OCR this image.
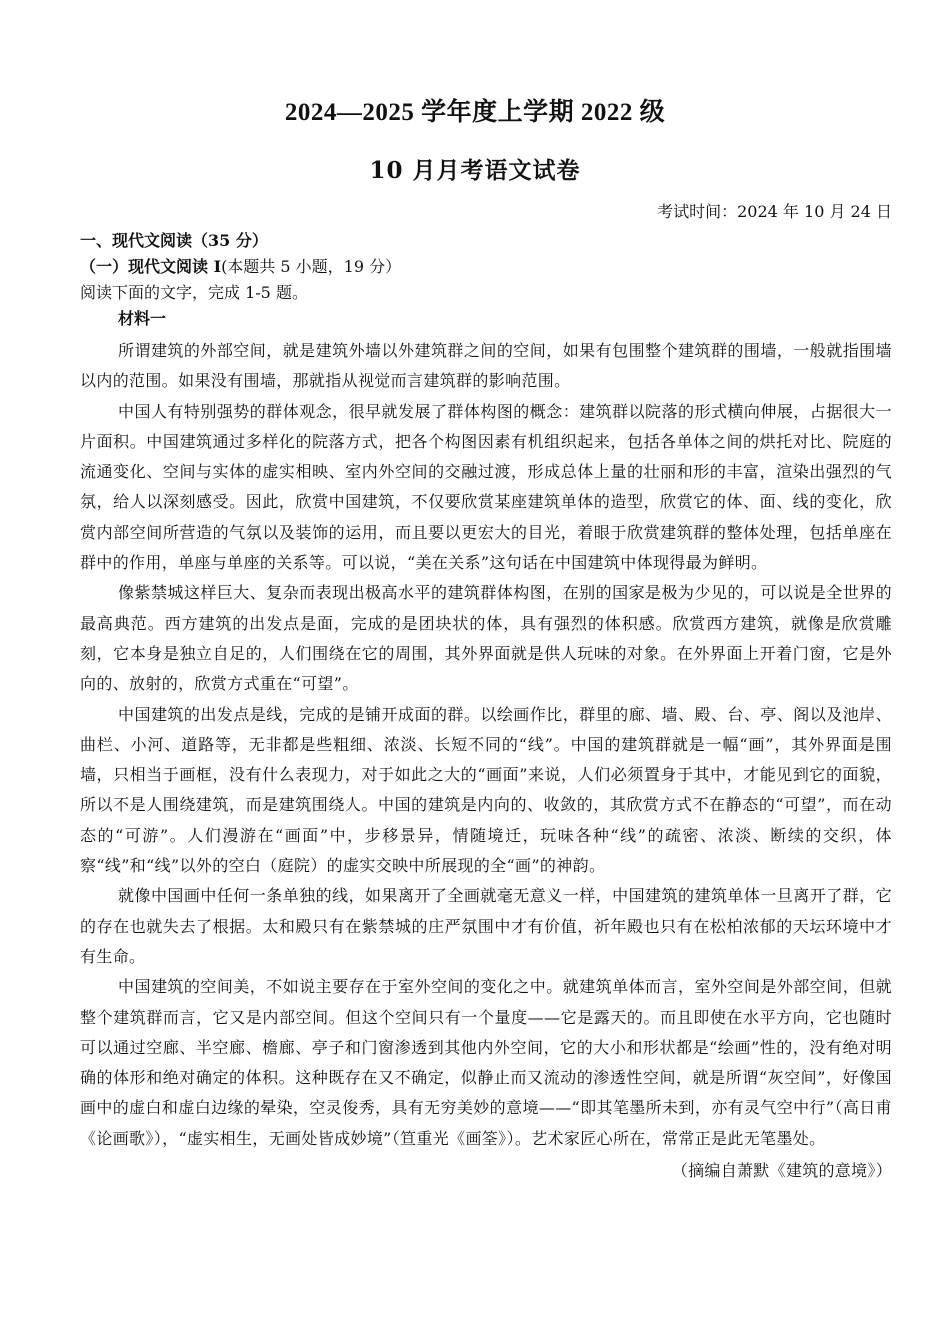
2024—2025 学年度上学期 2022 级
10 月月考语文试卷
考试时间：2024 年 10 月 24 日
一、现代文阅读（35 分）
（一）现代文阅读 I(本题共 5 小题，19 分）
阅读下面的文字，完成 1-5 题。
材料一

所谓建筑的外部空间，就是建筑外墙以外建筑群之间的空间，如果有包围整个建筑群的围墙，一般就指围墙以内的范围。如果没有围墙，那就指从视觉而言建筑群的影响范围。

中国人有特别强势的群体观念，很早就发展了群体构图的概念：建筑群以院落的形式横向伸展，占据很大一片面积。中国建筑通过多样化的院落方式，把各个构图因素有机组织起来，包括各单体之间的烘托对比、院庭的流通变化、空间与实体的虚实相映、室内外空间的交融过渡，形成总体上量的壮丽和形的丰富，渲染出强烈的气氛，给人以深刻感受。因此，欣赏中国建筑，不仅要欣赏某座建筑单体的造型，欣赏它的体、面、线的变化，欣赏内部空间所营造的气氛以及装饰的运用，而且要以更宏大的目光，着眼于欣赏建筑群的整体处理，包括单座在群中的作用，单座与单座的关系等。可以说，“美在关系”这句话在中国建筑中体现得最为鲜明。

像紫禁城这样巨大、复杂而表现出极高水平的建筑群体构图，在别的国家是极为少见的，可以说是全世界的最高典范。西方建筑的出发点是面，完成的是团块状的体，具有强烈的体积感。欣赏西方建筑，就像是欣赏雕刻，它本身是独立自足的，人们围绕在它的周围，其外界面就是供人玩味的对象。在外界面上开着门窗，它是外向的、放射的，欣赏方式重在“可望”。

中国建筑的出发点是线，完成的是铺开成面的群。以绘画作比，群里的廊、墙、殿、台、亭、阁以及池岸、曲栏、小河、道路等，无非都是些粗细、浓淡、长短不同的“线”。中国的建筑群就是一幅“画”，其外界面是围墙，只相当于画框，没有什么表现力，对于如此之大的“画面”来说，人们必须置身于其中，才能见到它的面貌，所以不是人围绕建筑，而是建筑围绕人。中国的建筑是内向的、收敛的，其欣赏方式不在静态的“可望”，而在动态的“可游”。人们漫游在“画面”中，步移景异，情随境迁，玩味各种“线”的疏密、浓淡、断续的交织，体察“线”和“线”以外的空白（庭院）的虚实交映中所展现的全“画”的神韵。

就像中国画中任何一条单独的线，如果离开了全画就毫无意义一样，中国建筑的建筑单体一旦离开了群，它的存在也就失去了根据。太和殿只有在紫禁城的庄严氛围中才有价值，祈年殿也只有在松柏浓郁的天坛环境中才有生命。

中国建筑的空间美，不如说主要存在于室外空间的变化之中。就建筑单体而言，室外空间是外部空间，但就整个建筑群而言，它又是内部空间。但这个空间只有一个量度——它是露天的。而且即使在水平方向，它也随时可以通过空廊、半空廊、檐廊、亭子和门窗渗透到其他内外空间，它的大小和形状都是“绘画”性的，没有绝对明确的体形和绝对确定的体积。这种既存在又不确定，似静止而又流动的渗透性空间，就是所谓“灰空间”，好像国画中的虚白和虚白边缘的晕染，空灵俊秀，具有无穷美妙的意境——“即其笔墨所未到，亦有灵气空中行”（高日甫《论画歌》），“虚实相生，无画处皆成妙境”（笪重光《画筌》）。艺术家匠心所在，常常正是此无笔墨处。

（摘编自萧默《建筑的意境》）
